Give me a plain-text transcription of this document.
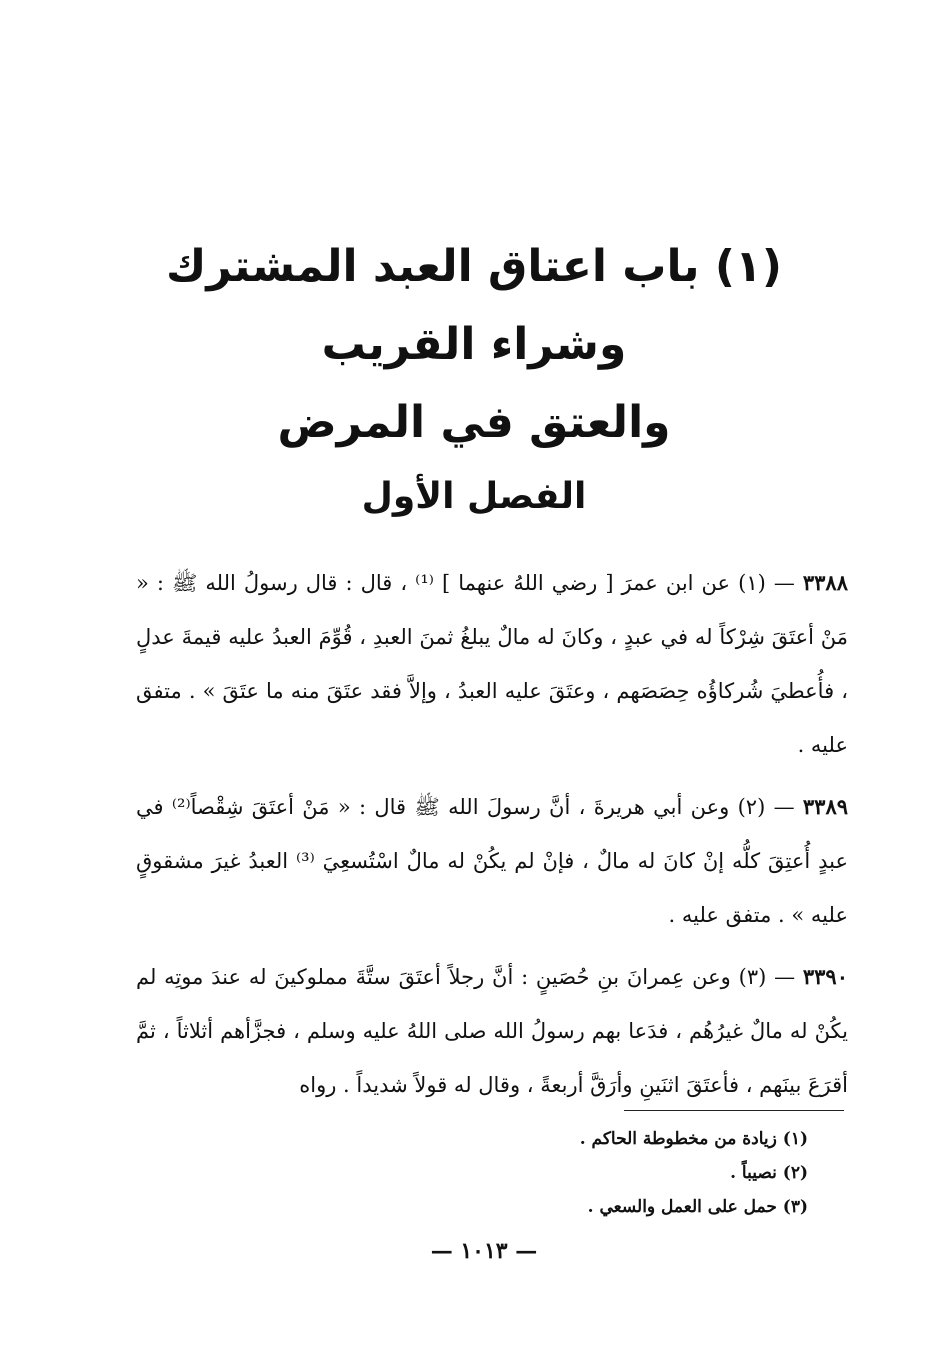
(١) باب اعتاق العبد المشترك وشراء القريب
والعتق في المرض
الفصل الأول

٣٣٨٨ — (١) عن ابن عمرَ [ رضي اللهُ عنهما ] ⁽¹⁾ ، قال : قال رسولُ الله ﷺ : « مَنْ أعتَقَ شِرْكاً له في عبدٍ ، وكانَ له مالٌ يبلغُ ثمنَ العبدِ ، قُوِّمَ العبدُ عليه قيمةَ عدلٍ ، فأُعطيَ شُركاؤُه حِصَصَهم ، وعتَقَ عليه العبدُ ، وإلاَّ فقد عتَقَ منه ما عتَقَ » . متفق عليه .

٣٣٨٩ — (٢) وعن أبي هريرةَ ، أنَّ رسولَ الله ﷺ قال : « مَنْ أعتَقَ شِقْصاً⁽²⁾ في عبدٍ أُعتِقَ كلُّه إنْ كانَ له مالٌ ، فإنْ لم يكُنْ له مالٌ اسْتُسعِيَ ⁽³⁾ العبدُ غيرَ مشقوقٍ عليه » . متفق عليه .

٣٣٩٠ — (٣) وعن عِمرانَ بنِ حُصَينٍ : أنَّ رجلاً أعتَقَ ستَّةَ مملوكينَ له عندَ موتِه لم يكُنْ له مالٌ غيرُهُم ، فدَعا بهم رسولُ الله صلى اللهُ عليه وسلم ، فجزَّأهم أثلاثاً ، ثمَّ أقرَعَ بينَهم ، فأعتَقَ اثنَينِ وأرَقَّ أربعةً ، وقال له قولاً شديداً . رواه

(١) زيادة من مخطوطة الحاكم .

(٢) نصيباً .

(٣) حمل على العمل والسعي .

— ١٠١٣ —
